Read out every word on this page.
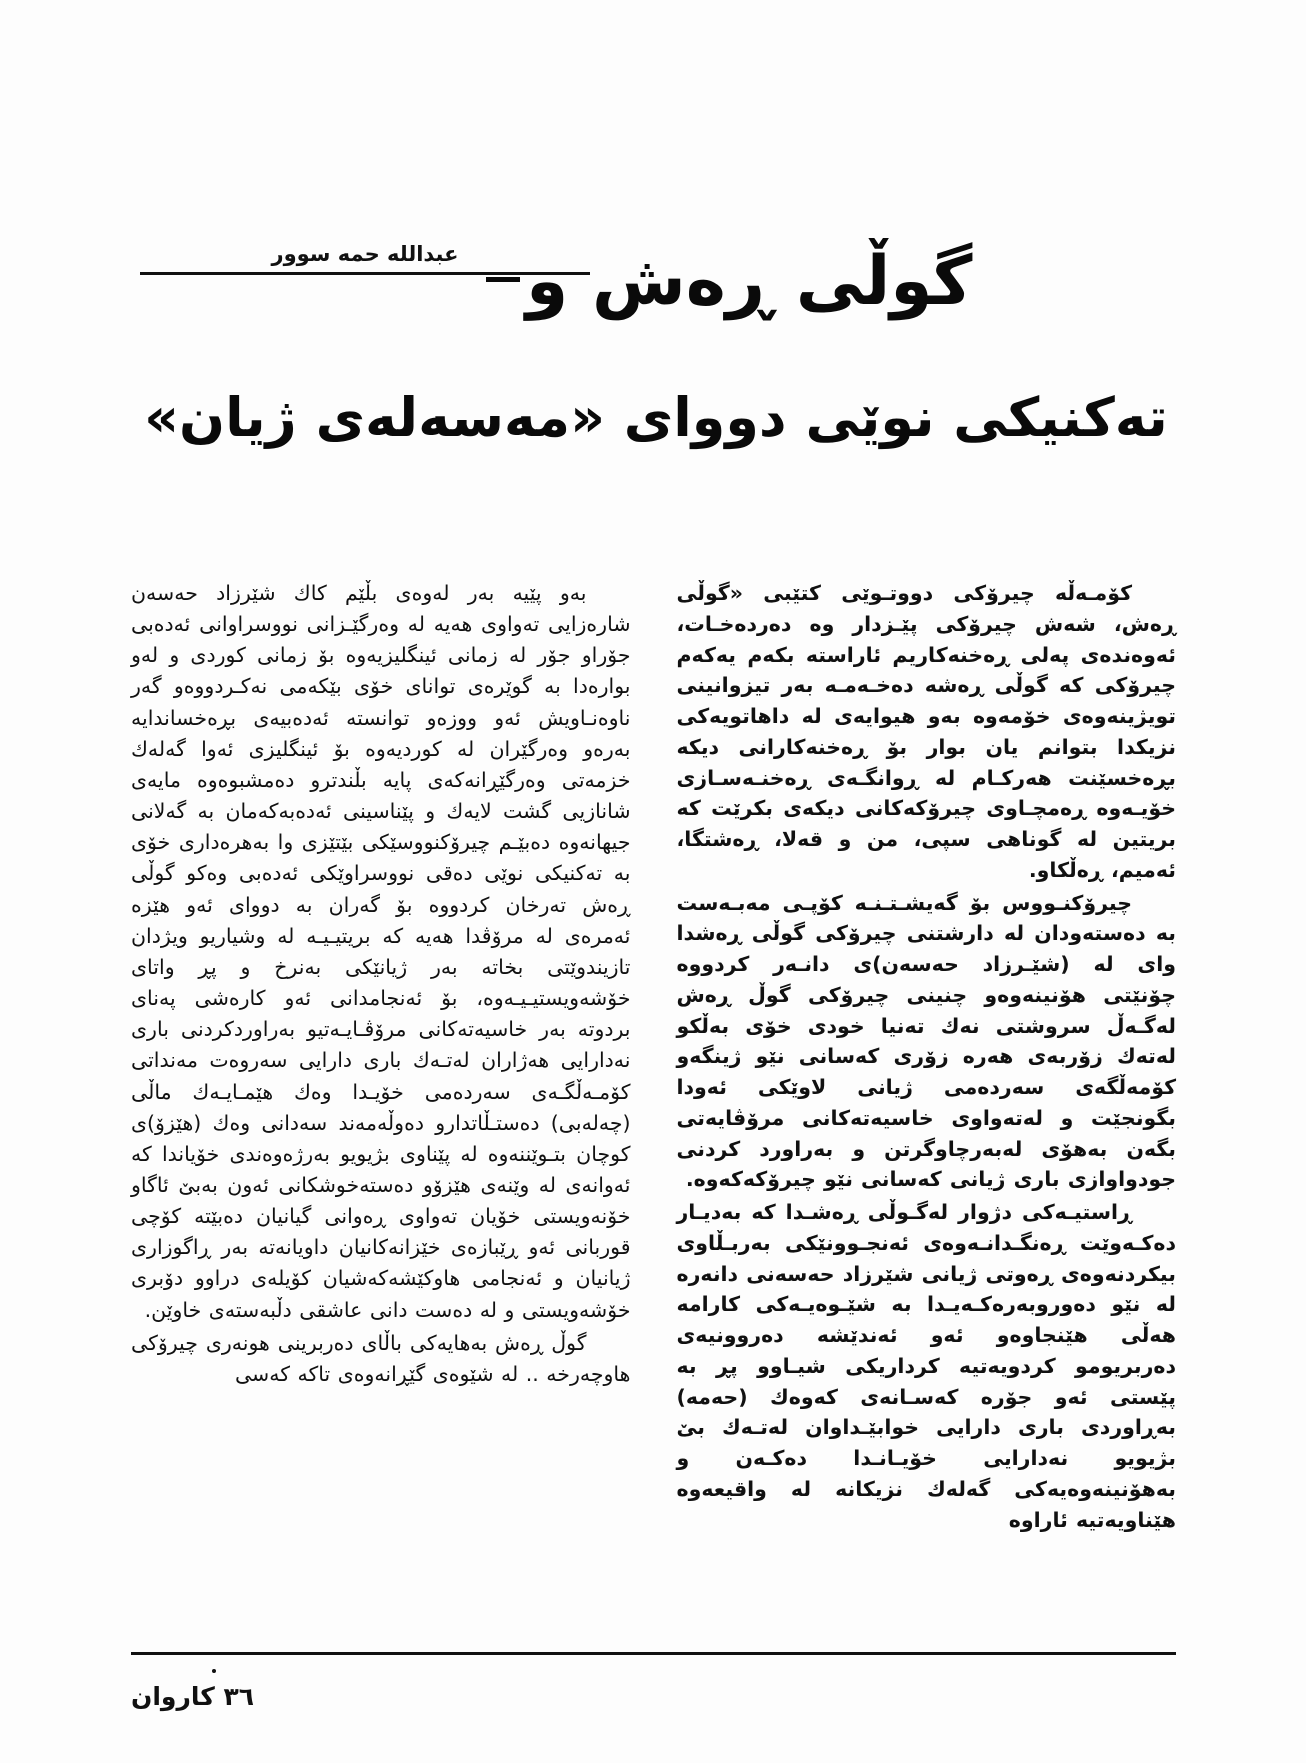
عبدالله حمه سوور گوڵی ڕەش و
تەکنیکی نوێی دووای «مەسەلەی ژیان»

کۆمـەڵە چیرۆکی دووتـوێی کتێبی «گوڵی ڕەش، شەش چیرۆکی پێـزدار وە دەردەخـات، ئەوەندەی پەلی ڕەخنەکاریم ئاراستە بکەم یەکەم چیرۆکی کە گوڵی ڕەشە دەخـەمـە بەر تیزوانینی تویژینەوەی خۆمەوە بەو هیوایەی لە داهاتویەکی نزیکدا بتوانم یان بوار بۆ ڕەخنەکارانی دیکە بڕەخسێنت هەرکـام لە ڕوانگـەی ڕەخنـەسـازی خۆیـەوە ڕەمچـاوی چیرۆکەکانی دیکەی بکرێت کە بریتین لە گوناهی سپی، من و قەلا، ڕەشتگا، ئەمیم، ڕەڵکاو.

چیرۆکنـووس بۆ گەیشـتـنـە کۆپـی مەبـەست بە دەستەودان لە دارشتنی چیرۆکی گوڵی ڕەشدا وای لە (شێـرزاد حەسەن)ی دانـەر کردووە چۆنێتی هۆنینەوەو چنینی چیرۆکی گوڵ ڕەش لەگـەڵ سروشتی نەك تەنیا خودی خۆی بەڵکو لەتەك زۆربەی هەرە زۆری کەسانی نێو ژینگەو کۆمەڵگەی سەردەمی ژیانی لاوێکی ئەودا بگونجێت و لەتەواوی خاسیەتەکانی مرۆڤایەتی بگەن بەهۆی لەبەرچاوگرتن و بەراورد کردنی جودواوازی باری ژیانی کەسانی نێو چیرۆکەکەوە.

ڕاستیـەکی دژوار لەگـوڵی ڕەشـدا کە بەدیـار دەکـەوێت ڕەنگـدانـەوەی ئەنجـوونێکی بەربـڵاوی بیکردنەوەی ڕەوتی ژیانی شێرزاد حەسەنی دانەرە لە نێو دەوروبەرەکـەیـدا بە شێـوەیـەکی کارامە هەڵی هێنجاوەو ئەو ئەندێشە دەروونیەی دەربریومو کردویەتیە کرداریکی شیـاوو پڕ بە پێستی ئەو جۆرە کەسـانەی کەوەك (حەمە) بەڕاوردی باری دارایی خوابێـداوان لەتـەك بێ بژیویو نەدارایی خۆیـانـدا دەکـەن و بەهۆنینەوەیەکی گەلەك نزیکانە لە واقیعەوە هێناویەتیە ئاراوە

بەو پێیە بەر لەوەی بڵێم کاك شێرزاد حەسەن شارەزایی تەواوی هەیە لە وەرگێـزانی نووسراوانی ئەدەبی جۆراو جۆر لە زمانی ئینگلیزیەوە بۆ زمانی کوردی و لەو بوارەدا بە گوێرەی توانای خۆی بێکەمی نەکـردووەو گەر ناوەنـاویش ئەو ووزەو توانستە ئەدەبیەی بڕەخساندایە بەرەو وەرگێران لە کوردیەوە بۆ ئینگلیزی ئەوا گەلەك خزمەتی وەرگێڕانەکەی پایە بڵندترو دەمشبوەوە مایەی شانازیی گشت لایەك و پێناسینی ئەدەبەکەمان بە گەلانی جیهانەوە دەبێـم چیرۆکنووسێکی بێتێزی وا بەهرەداری خۆی بە تەکنیکی نوێی دەقی نووسراوێکی ئەدەبی وەکو گوڵی ڕەش تەرخان کردووە بۆ گەران بە دووای ئەو هێزە ئەمرەی لە مرۆڤدا هەیە کە بریتیـیـە لە وشیاریو ویژدان تازیندوێتی بخاتە بەر ژیانێکی بەنرخ و پڕ واتای خۆشەویستیـیـەوە، بۆ ئەنجامدانی ئەو کارەشی پەنای بردوتە بەر خاسیەتەکانی مرۆڤـایـەتیو بەراوردکردنی باری نەدارایی هەژاران لەتـەك باری دارایی سەروەت مەنداتی کۆمـەڵگـەی سەردەمی خۆیـدا وەك هێمـایـەك ماڵی (چەلەبی) دەستـڵاتدارو دەوڵەمەند سەدانی وەك (هێزۆ)ی کوچان بتـوێننەوە لە پێناوی بژیویو بەرژەوەندی خۆیاندا کە ئەوانەی لە وێنەی هێزۆو دەستەخوشکانی ئەون بەبێ ئاگاو خۆنەویستی خۆیان تەواوی ڕەوانی گیانیان دەبێتە کۆچی قوربانی ئەو ڕێبازەی خێزانەکانیان داویانەتە بەر ڕاگوزاری ژیانیان و ئەنجامی هاوکێشەکەشیان کۆیلەی دراوو دۆبری خۆشەویستی و لە دەست دانی عاشقی دڵبەستەی خاوێن.

گوڵ ڕەش بەهایەکی باڵای دەربرینی هونەری چیرۆکی هاوچەرخە .. لە شێوەی گێڕانەوەی تاكە کەسی

٣٦ کاروان
